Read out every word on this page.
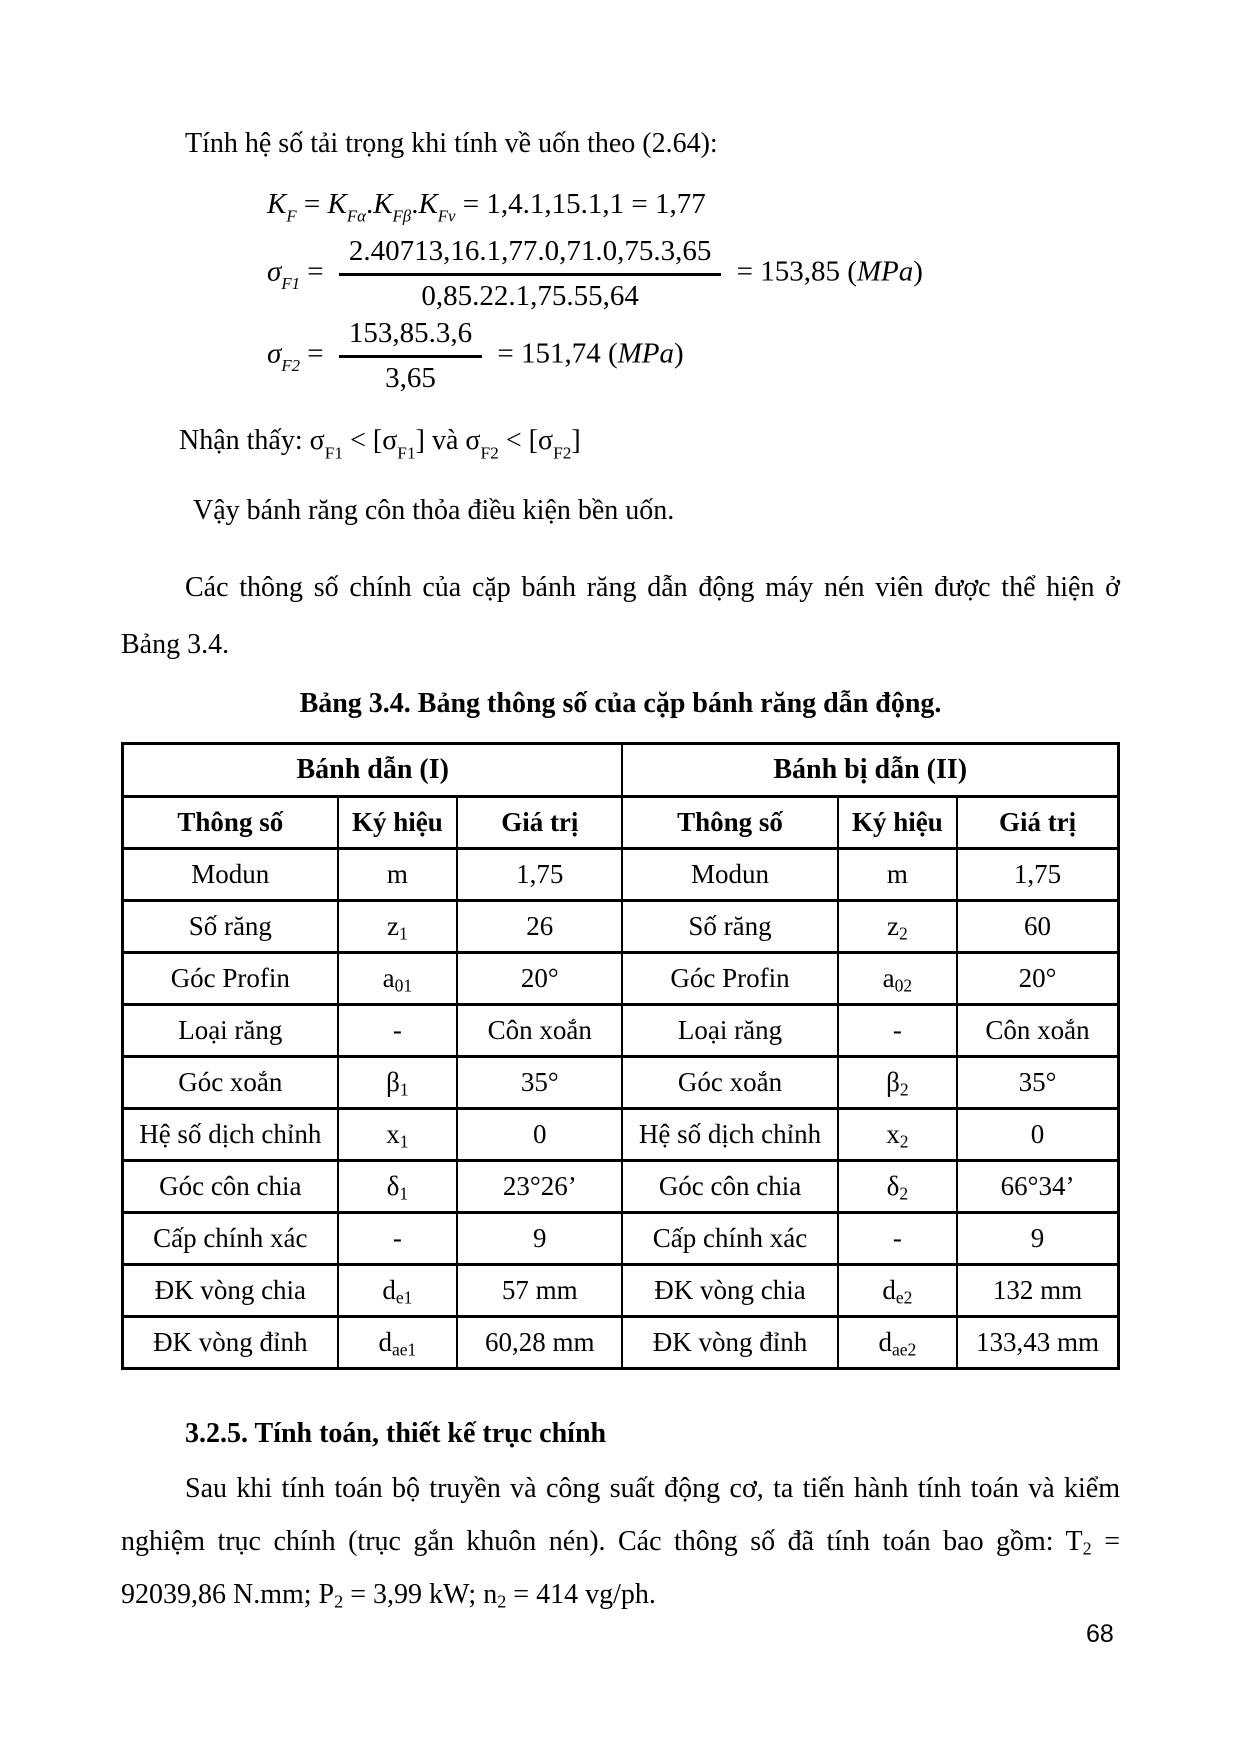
Tính hệ số tải trọng khi tính về uốn theo (2.64):

$K_F = K_{F\alpha}.K_{F\beta}.K_{Fv} = 1,4.1,15.1,1 = 1,77$
$\sigma_{F1} = \frac{2.40713,16.1,77.0,71.0,75.3,65}{0,85.22.1,75.55,64} = 153,85$ (MPa)
$\sigma_{F2} = \frac{153,85.3,6}{3,65} = 151,74$ (MPa)

Nhận thấy: $\sigma_{F1} < [\sigma_{F1}]$ và $\sigma_{F2} < [\sigma_{F2}]$

Vậy bánh răng côn thỏa điều kiện bền uốn.

Các thông số chính của cặp bánh răng dẫn động máy nén viên được thể hiện ở Bảng 3.4.

Bảng 3.4. Bảng thông số của cặp bánh răng dẫn động.

Bánh dẫn (I)			Bánh bị dẫn (II)		
Thông số	Ký hiệu	Giá trị	Thông số	Ký hiệu	Giá trị
Modun	m	1,75	Modun	m	1,75
Số răng	$z_1$	26	Số răng	$z_2$	60
Góc Profin	$a_{01}$	20°	Góc Profin	$a_{02}$	20°
Loại răng	-	Côn xoắn	Loại răng	-	Côn xoắn
Góc xoắn	$\beta_1$	35°	Góc xoắn	$\beta_2$	35°
Hệ số dịch chỉnh	$x_1$	0	Hệ số dịch chỉnh	$x_2$	0
Góc côn chia	$\delta_1$	23°26’	Góc côn chia	$\delta_2$	66°34’
Cấp chính xác	-	9	Cấp chính xác	-	9
ĐK vòng chia	$d_{e1}$	57 mm	ĐK vòng chia	$d_{e2}$	132 mm
ĐK vòng đỉnh	$d_{ae1}$	60,28 mm	ĐK vòng đỉnh	$d_{ae2}$	133,43 mm

3.2.5. Tính toán, thiết kế trục chính

Sau khi tính toán bộ truyền và công suất động cơ, ta tiến hành tính toán và kiểm nghiệm trục chính (trục gắn khuôn nén). Các thông số đã tính toán bao gồm: $T_2 = 92039,86$ N.mm; $P_2 = 3,99$ kW; $n_2 = 414$ vg/ph.

68
